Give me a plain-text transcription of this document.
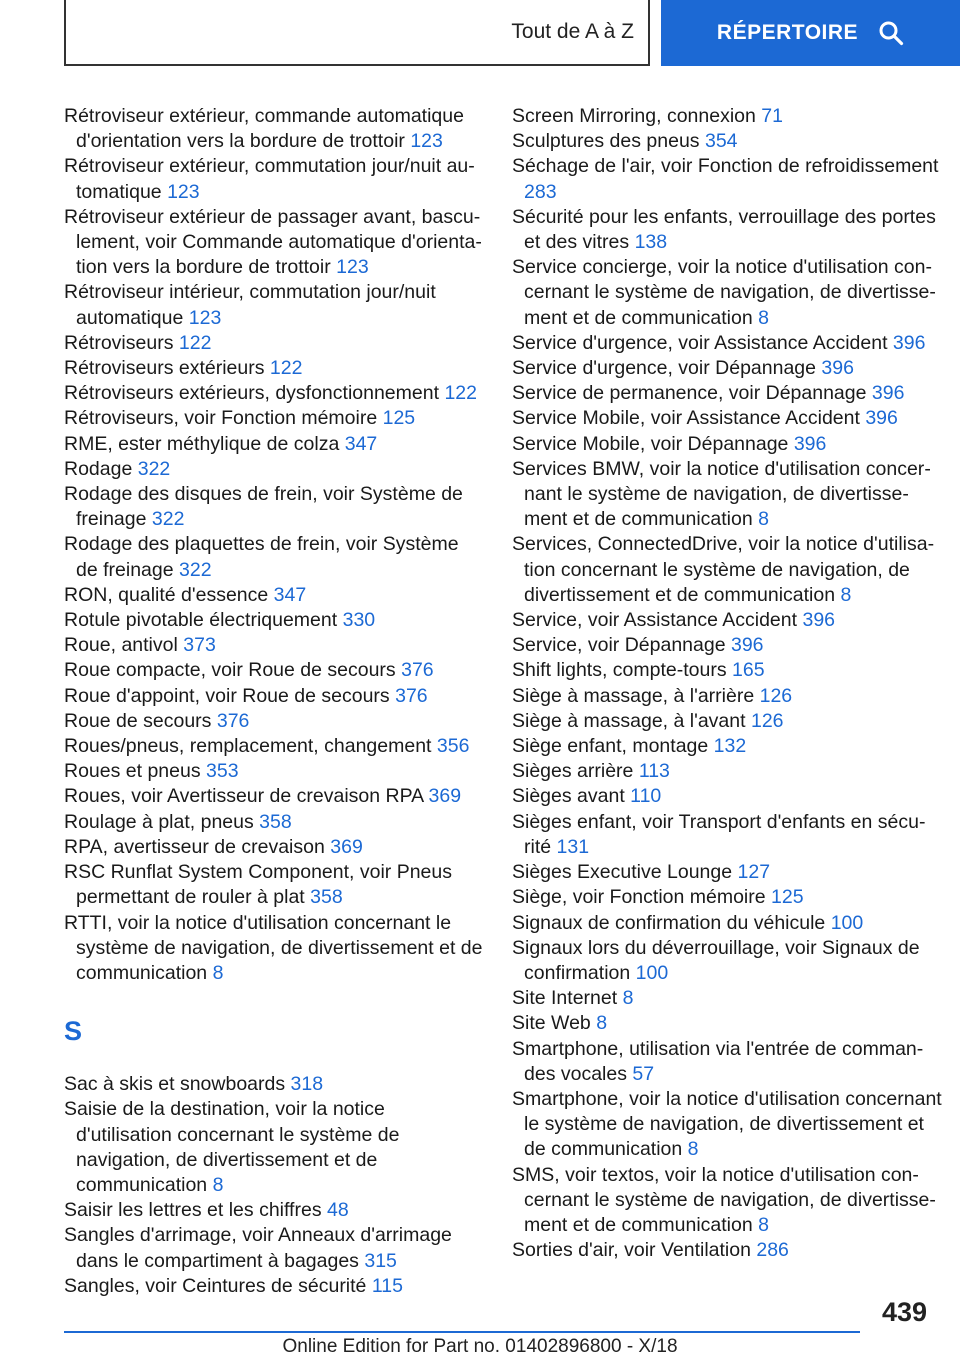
Tout de A à Z	RÉPERTOIRE
Rétroviseur extérieur, commande automatique d'orientation vers la bordure de trottoir 123
Rétroviseur extérieur, commutation jour/nuit automatique 123
Rétroviseur extérieur de passager avant, basculement, voir Commande automatique d'orientation vers la bordure de trottoir 123
Rétroviseur intérieur, commutation jour/nuit automatique 123
Rétroviseurs 122
Rétroviseurs extérieurs 122
Rétroviseurs extérieurs, dysfonctionnement 122
Rétroviseurs, voir Fonction mémoire 125
RME, ester méthylique de colza 347
Rodage 322
Rodage des disques de frein, voir Système de freinage 322
Rodage des plaquettes de frein, voir Système de freinage 322
RON, qualité d'essence 347
Rotule pivotable électriquement 330
Roue, antivol 373
Roue compacte, voir Roue de secours 376
Roue d'appoint, voir Roue de secours 376
Roue de secours 376
Roues/pneus, remplacement, changement 356
Roues et pneus 353
Roues, voir Avertisseur de crevaison RPA 369
Roulage à plat, pneus 358
RPA, avertisseur de crevaison 369
RSC Runflat System Component, voir Pneus permettant de rouler à plat 358
RTTI, voir la notice d'utilisation concernant le système de navigation, de divertissement et de communication 8
S
Sac à skis et snowboards 318
Saisie de la destination, voir la notice d'utilisation concernant le système de navigation, de divertissement et de communication 8
Saisir les lettres et les chiffres 48
Sangles d'arrimage, voir Anneaux d'arrimage dans le compartiment à bagages 315
Sangles, voir Ceintures de sécurité 115
Screen Mirroring, connexion 71
Sculptures des pneus 354
Séchage de l'air, voir Fonction de refroidissement 283
Sécurité pour les enfants, verrouillage des portes et des vitres 138
Service concierge, voir la notice d'utilisation concernant le système de navigation, de divertissement et de communication 8
Service d'urgence, voir Assistance Accident 396
Service d'urgence, voir Dépannage 396
Service de permanence, voir Dépannage 396
Service Mobile, voir Assistance Accident 396
Service Mobile, voir Dépannage 396
Services BMW, voir la notice d'utilisation concernant le système de navigation, de divertissement et de communication 8
Services, ConnectedDrive, voir la notice d'utilisation concernant le système de navigation, de divertissement et de communication 8
Service, voir Assistance Accident 396
Service, voir Dépannage 396
Shift lights, compte-tours 165
Siège à massage, à l'arrière 126
Siège à massage, à l'avant 126
Siège enfant, montage 132
Sièges arrière 113
Sièges avant 110
Sièges enfant, voir Transport d'enfants en sécurité 131
Sièges Executive Lounge 127
Siège, voir Fonction mémoire 125
Signaux de confirmation du véhicule 100
Signaux lors du déverrouillage, voir Signaux de confirmation 100
Site Internet 8
Site Web 8
Smartphone, utilisation via l'entrée de commandes vocales 57
Smartphone, voir la notice d'utilisation concernant le système de navigation, de divertissement et de communication 8
SMS, voir textos, voir la notice d'utilisation concernant le système de navigation, de divertissement et de communication 8
Sorties d'air, voir Ventilation 286
439
Online Edition for Part no. 01402896800 - X/18
